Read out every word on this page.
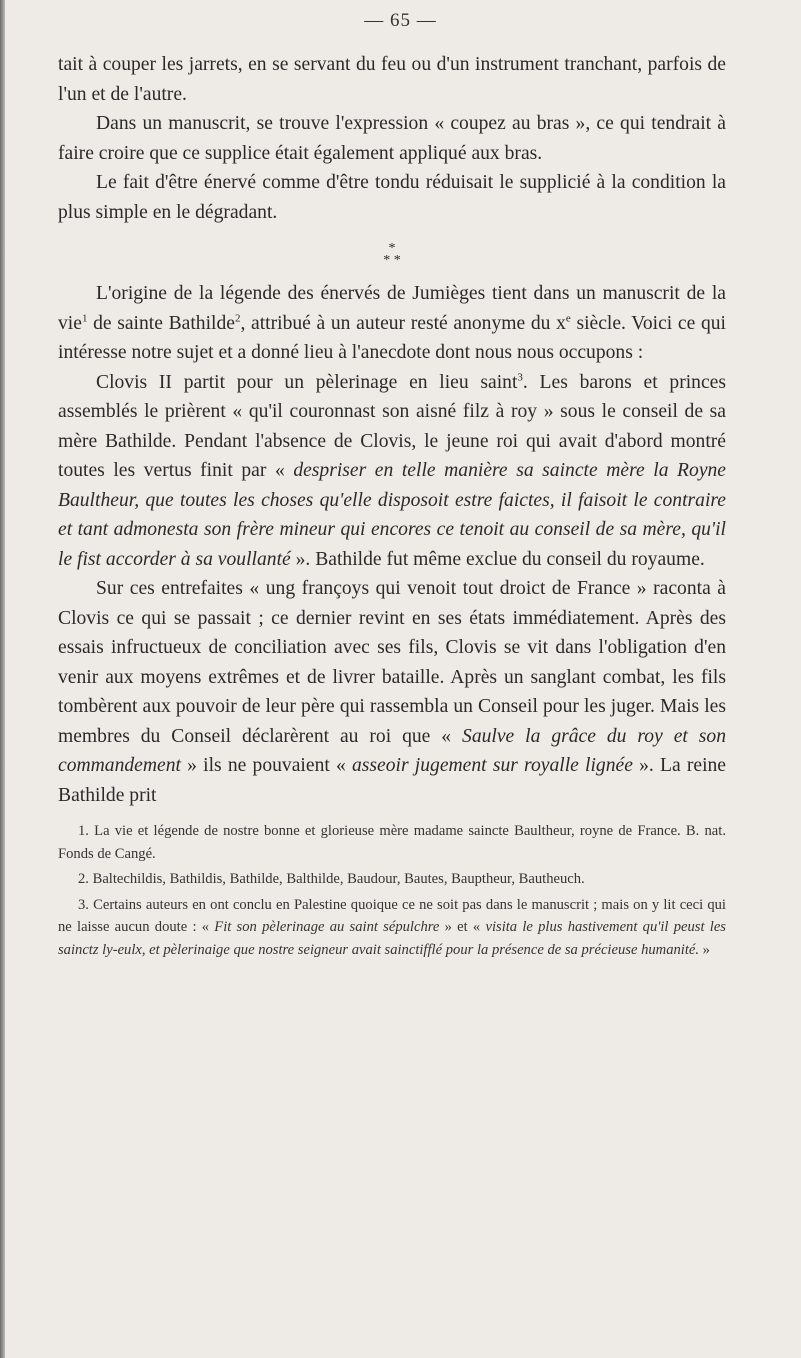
— 65 —

tait à couper les jarrets, en se servant du feu ou d'un instrument tranchant, parfois de l'un et de l'autre.

Dans un manuscrit, se trouve l'expression « coupez au bras », ce qui tendrait à faire croire que ce supplice était également appliqué aux bras.

Le fait d'être énervé comme d'être tondu réduisait le supplicié à la condition la plus simple en le dégradant.

*
* *

L'origine de la légende des énervés de Jumièges tient dans un manuscrit de la vie$^1$ de sainte Bathilde$^2$, attribué à un auteur resté anonyme du $x^e$ siècle. Voici ce qui intéresse notre sujet et a donné lieu à l'anecdote dont nous nous occupons :

Clovis II partit pour un pèlerinage en lieu saint$^3$. Les barons et princes assemblés le prièrent « qu'il couronnast son aisné filz à roy » sous le conseil de sa mère Bathilde. Pendant l'absence de Clovis, le jeune roi qui avait d'abord montré toutes les vertus finit par « despriser en telle manière sa saincte mère la Royne Baultheur, que toutes les choses qu'elle disposoit estre faictes, il faisoit le contraire et tant admonesta son frère mineur qui encores ce tenoit au conseil de sa mère, qu'il le fist accorder à sa voullanté ». Bathilde fut même exclue du conseil du royaume.

Sur ces entrefaites « ung françoys qui venoit tout droict de France » raconta à Clovis ce qui se passait ; ce dernier revint en ses états immédiatement. Après des essais infructueux de conciliation avec ses fils, Clovis se vit dans l'obligation d'en venir aux moyens extrêmes et de livrer bataille. Après un sanglant combat, les fils tombèrent aux pouvoir de leur père qui rassembla un Conseil pour les juger. Mais les membres du Conseil déclarèrent au roi que « Saulve la grâce du roy et son commandement » ils ne pouvaient « asseoir jugement sur royalle lignée ». La reine Bathilde prit

1. La vie et légende de nostre bonne et glorieuse mère madame saincte Baultheur, royne de France. B. nat. Fonds de Cangé.

2. Baltechildis, Bathildis, Bathilde, Balthilde, Baudour, Bautes, Bauptheur, Bautheuch.

3. Certains auteurs en ont conclu en Palestine quoique ce ne soit pas dans le manuscrit ; mais on y lit ceci qui ne laisse aucun doute : « Fit son pèlerinage au saint sépulchre » et « visita le plus hastivement qu'il peust les sainctz ly-eulx, et pèlerinaige que nostre seigneur avait sainctifflé pour la présence de sa précieuse humanité. »
